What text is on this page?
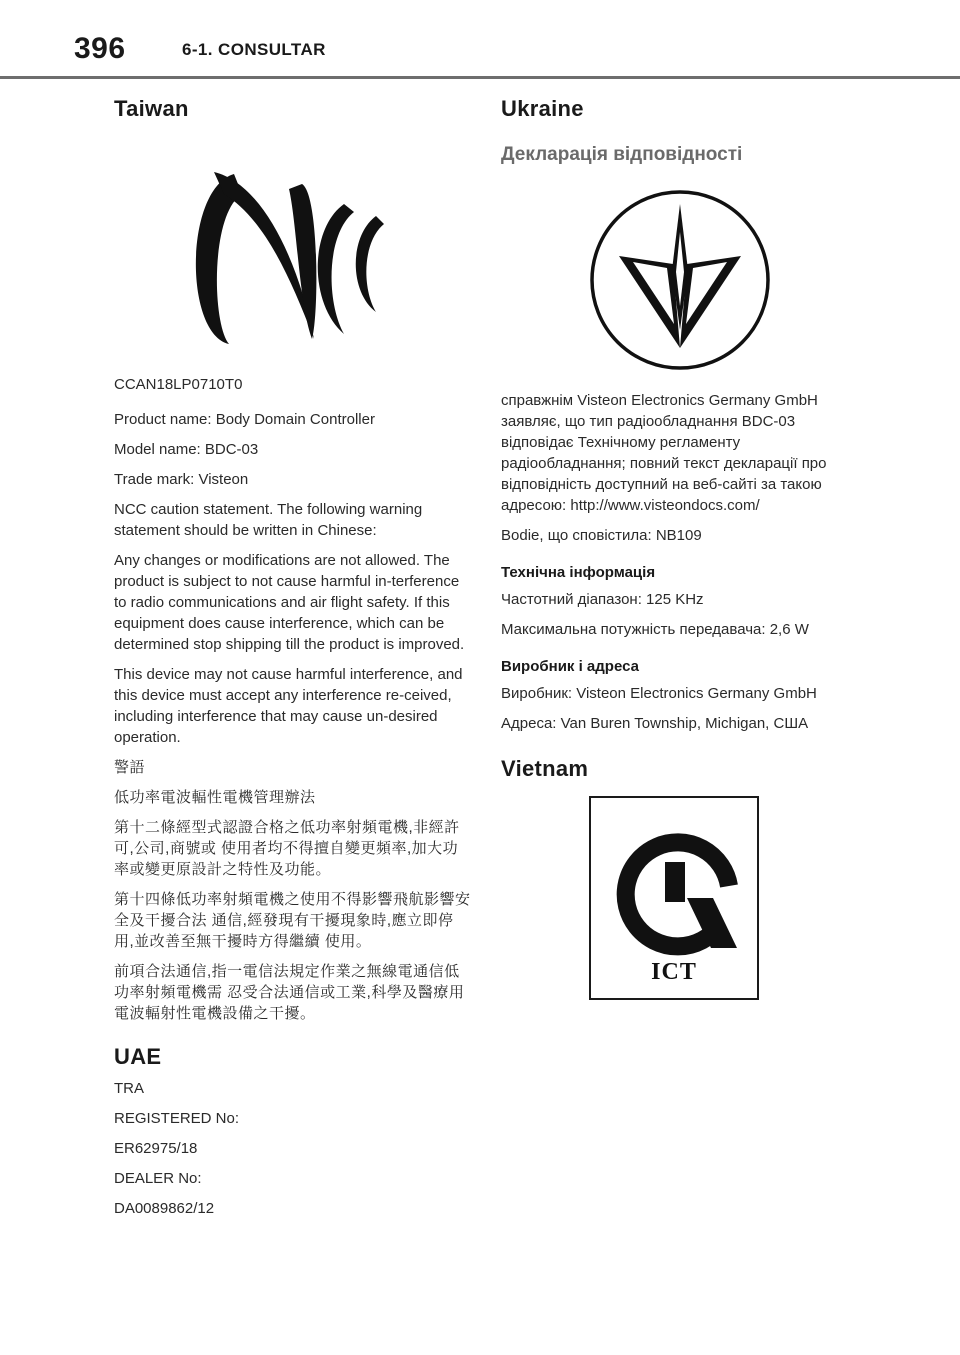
396	6-1. CONSULTAR
Taiwan

CCAN18LP0710T0

Product name: Body Domain Controller

Model name: BDC-03

Trade mark: Visteon

NCC caution statement. The following warning statement should be written in Chinese:

Any changes or modifications are not allowed. The product is subject to not cause harmful in-terference to radio communications and air flight safety. If this equipment does cause interference, which can be determined stop shipping till the product is improved.

This device may not cause harmful interference, and this device must accept any interference re-ceived, including interference that may cause un-desired operation.

警語

低功率電波輻性電機管理辦法

第十二條經型式認證合格之低功率射頻電機,非經許可,公司,商號或 使用者均不得擅自變更頻率,加大功率或變更原設計之特性及功能。

第十四條低功率射頻電機之使用不得影響飛航影響安全及干擾合法 通信,經發現有干擾現象時,應立即停用,並改善至無干擾時方得繼續 使用。

前項合法通信,指一電信法規定作業之無線電通信低功率射頻電機需 忍受合法通信或工業,科學及醫療用電波輻射性電機設備之干擾。

UAE

TRA

REGISTERED No:

ER62975/18

DEALER No:

DA0089862/12

Ukraine
Декларація відповідності

справжнім Visteon Electronics Germany GmbH заявляє, що тип радіообладнання BDC-03 відповідає Технічному регламенту радіообладнання; повний текст декларації про відповідність доступний на веб-сайті за такою адресою: http://www.visteondocs.com/

Bodie, що сповістила: NB109

Технічна інформація

Частотний діапазон: 125 KHz

Максимальна потужність передавача: 2,6 W

Виробник і адреса

Виробник: Visteon Electronics Germany GmbH

Адреса: Van Buren Township, Michigan, США

Vietnam
ICT
